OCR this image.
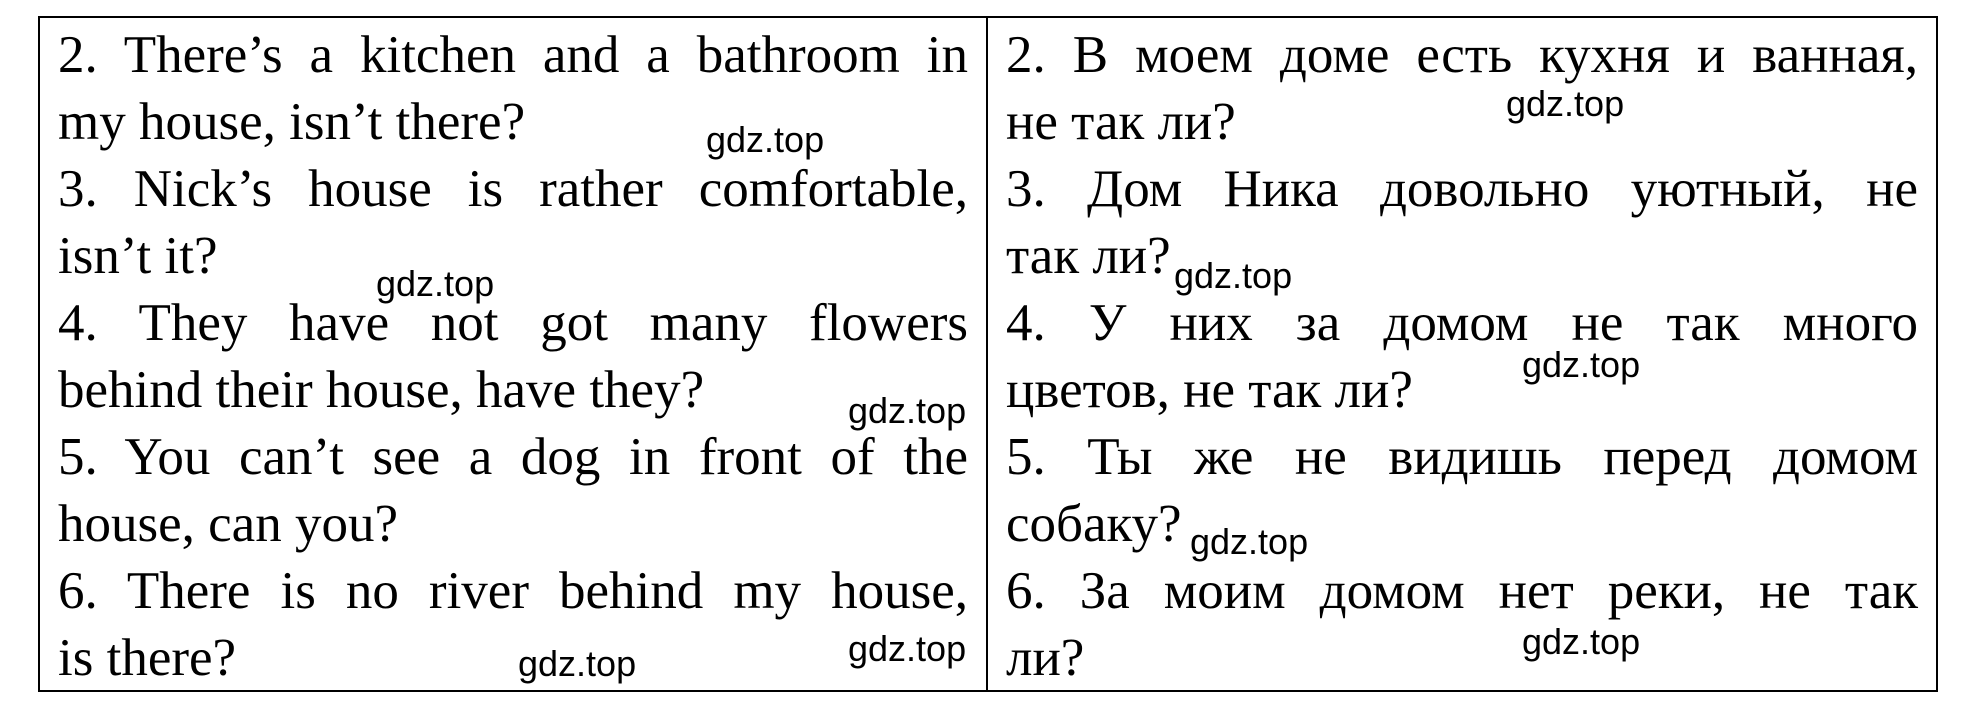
2. There’s a kitchen and a bathroom in
my house, isn’t there?
3. Nick’s house is rather comfortable,
isn’t it?
4. They have not got many flowers
behind their house, have they?
5. You can’t see a dog in front of the
house, can you?
6. There is no river behind my house,
is there?
2. В моем доме есть кухня и ванная,
не так ли?
3. Дом Ника довольно уютный, не
так ли?
4. У них за домом не так много
цветов, не так ли?
5. Ты же не видишь перед домом
собаку?
6. За моим домом нет реки, не так
ли?
gdz.top
gdz.top
gdz.top
gdz.top	gdz.top
gdz.top
gdz.top
gdz.top
gdz.top
gdz.top
